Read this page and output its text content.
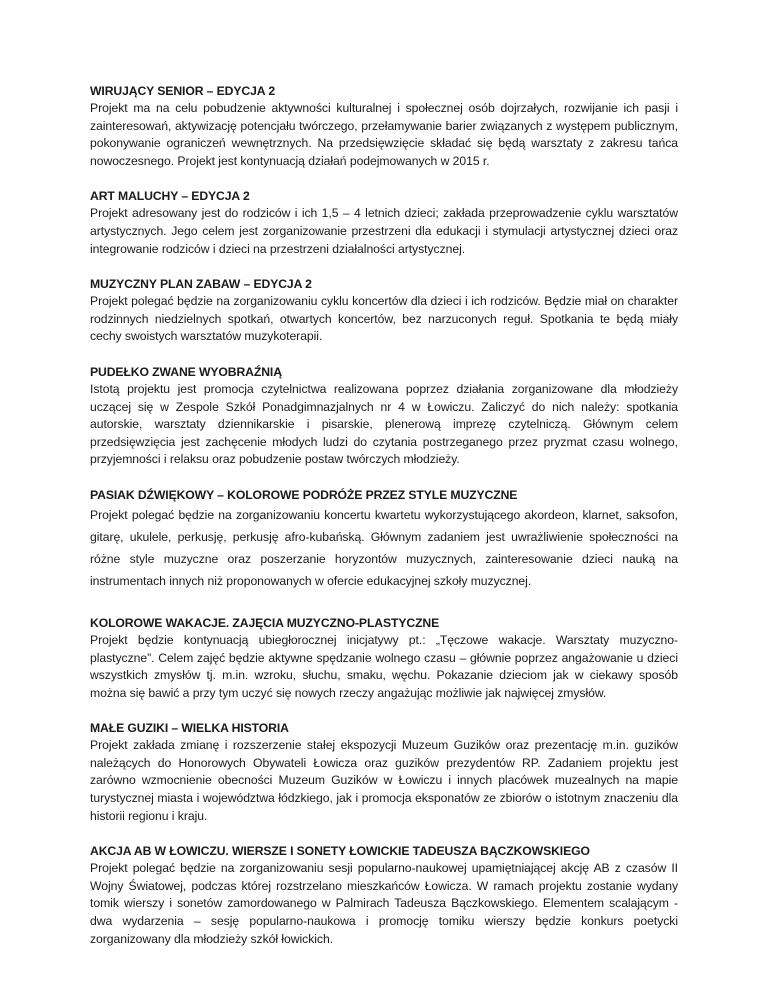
WIRUJĄCY SENIOR – EDYCJA 2

Projekt ma na celu pobudzenie aktywności kulturalnej i społecznej osób dojrzałych, rozwijanie ich pasji i zainteresowań, aktywizację potencjału twórczego, przełamywanie barier związanych z występem publicznym, pokonywanie ograniczeń wewnętrznych. Na przedsięwzięcie składać się będą warsztaty z zakresu tańca nowoczesnego. Projekt jest kontynuacją działań podejmowanych w 2015 r.

ART MALUCHY – EDYCJA 2

Projekt adresowany jest do rodziców i ich 1,5 – 4 letnich dzieci; zakłada przeprowadzenie cyklu warsztatów artystycznych. Jego celem jest zorganizowanie przestrzeni dla edukacji i stymulacji artystycznej dzieci oraz integrowanie rodziców i dzieci na przestrzeni działalności artystycznej.

MUZYCZNY PLAN ZABAW – EDYCJA 2

Projekt polegać będzie na zorganizowaniu cyklu koncertów dla dzieci i ich rodziców. Będzie miał on charakter rodzinnych niedzielnych spotkań, otwartych koncertów, bez narzuconych reguł. Spotkania te będą miały cechy swoistych warsztatów muzykoterapii.

PUDEŁKO ZWANE WYOBRAŹNIĄ

Istotą projektu jest promocja czytelnictwa realizowana poprzez działania zorganizowane dla młodzieży uczącej się w Zespole Szkół Ponadgimnazjalnych nr 4 w Łowiczu. Zaliczyć do nich należy: spotkania autorskie, warsztaty dziennikarskie i pisarskie, plenerową imprezę czytelniczą. Głównym celem przedsięwzięcia jest zachęcenie młodych ludzi do czytania postrzeganego przez pryzmat czasu wolnego, przyjemności i relaksu oraz pobudzenie postaw twórczych młodzieży.

PASIAK DŹWIĘKOWY – KOLOROWE PODRÓŻE PRZEZ STYLE MUZYCZNE

Projekt polegać będzie na zorganizowaniu koncertu kwartetu wykorzystującego akordeon, klarnet, saksofon, gitarę, ukulele, perkusję, perkusję afro-kubańską. Głównym zadaniem jest uwrażliwienie społeczności na różne style muzyczne oraz poszerzanie horyzontów muzycznych, zainteresowanie dzieci nauką na instrumentach innych niż proponowanych w ofercie edukacyjnej szkoły muzycznej.

KOLOROWE WAKACJE. ZAJĘCIA MUZYCZNO-PLASTYCZNE

Projekt będzie kontynuacją ubiegłorocznej inicjatywy pt.: „Tęczowe wakacje. Warsztaty muzyczno-plastyczne”. Celem zajęć będzie aktywne spędzanie wolnego czasu – głównie poprzez angażowanie u dzieci wszystkich zmysłów tj. m.in. wzroku, słuchu, smaku, węchu. Pokazanie dzieciom jak w ciekawy sposób można się bawić a przy tym uczyć się nowych rzeczy angażując możliwie jak najwięcej zmysłów.

MAŁE GUZIKI – WIELKA HISTORIA

Projekt zakłada zmianę i rozszerzenie stałej ekspozycji Muzeum Guzików oraz prezentację m.in. guzików należących do Honorowych Obywateli Łowicza oraz guzików prezydentów RP. Zadaniem projektu jest zarówno wzmocnienie obecności Muzeum Guzików w Łowiczu i innych placówek muzealnych na mapie turystycznej miasta i województwa łódzkiego, jak i promocja eksponatów ze zbiorów o istotnym znaczeniu dla historii regionu i kraju.

AKCJA AB W ŁOWICZU. WIERSZE I SONETY ŁOWICKIE TADEUSZA BĄCZKOWSKIEGO

Projekt polegać będzie na zorganizowaniu sesji popularno-naukowej upamiętniającej akcję AB z czasów II Wojny Światowej, podczas której rozstrzelano mieszkańców Łowicza. W ramach projektu zostanie wydany tomik wierszy i sonetów zamordowanego w Palmirach Tadeusza Bączkowskiego. Elementem scalającym - dwa wydarzenia – sesję popularno-naukowa i promocję tomiku wierszy będzie konkurs poetycki zorganizowany dla młodzieży szkół łowickich.
